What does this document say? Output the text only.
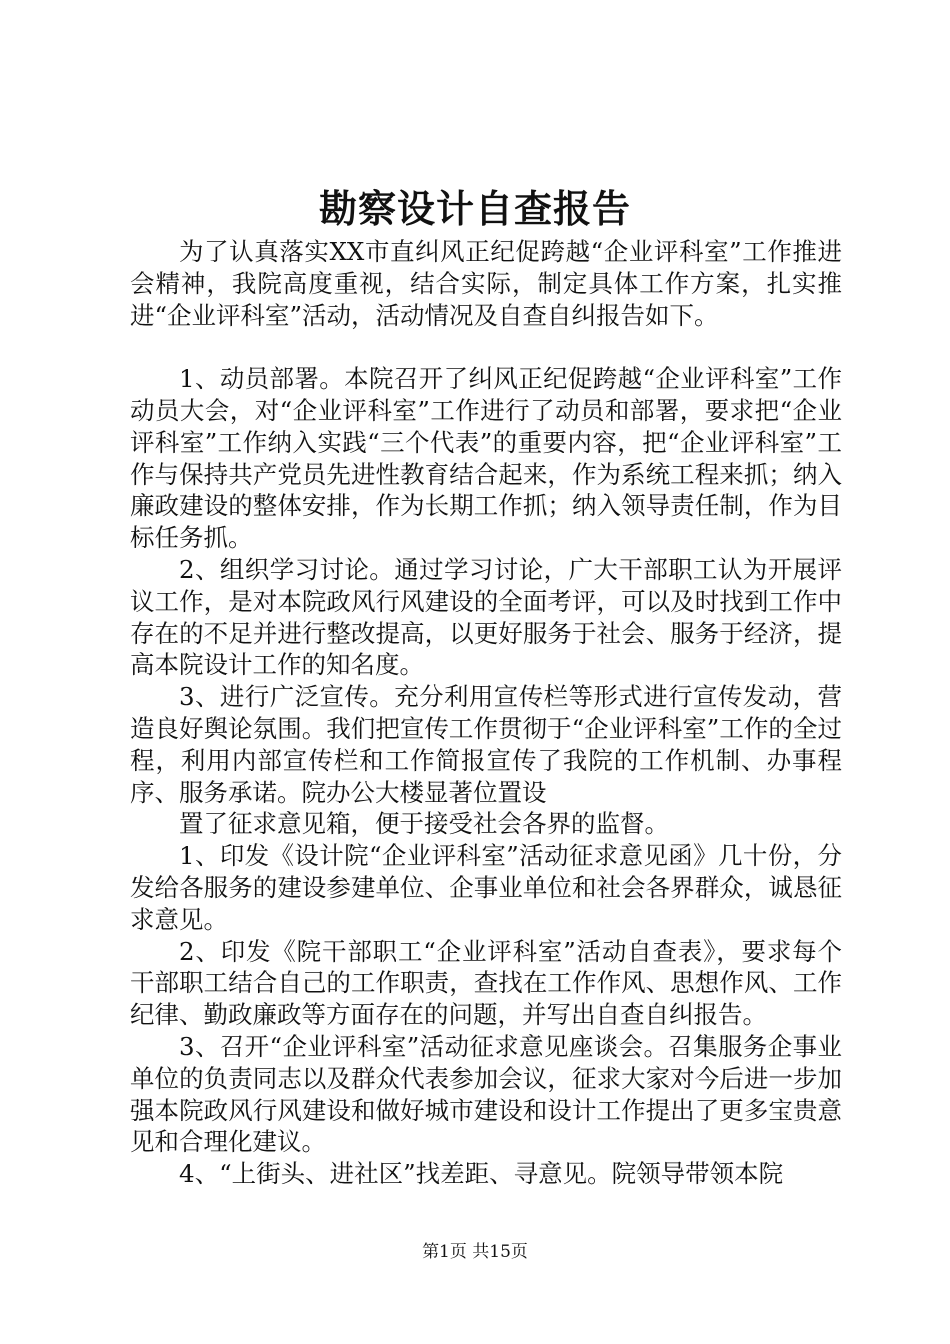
勘察设计自查报告

为了认真落实XX市直纠风正纪促跨越“企业评科室”工作推进会精神，我院高度重视，结合实际，制定具体工作方案，扎实推进“企业评科室”活动，活动情况及自查自纠报告如下。

1、动员部署。本院召开了纠风正纪促跨越“企业评科室”工作动员大会，对“企业评科室”工作进行了动员和部署，要求把“企业评科室”工作纳入实践“三个代表”的重要内容，把“企业评科室”工作与保持共产党员先进性教育结合起来，作为系统工程来抓；纳入廉政建设的整体安排，作为长期工作抓；纳入领导责任制，作为目标任务抓。

2、组织学习讨论。通过学习讨论，广大干部职工认为开展评议工作，是对本院政风行风建设的全面考评，可以及时找到工作中存在的不足并进行整改提高，以更好服务于社会、服务于经济，提高本院设计工作的知名度。

3、进行广泛宣传。充分利用宣传栏等形式进行宣传发动，营造良好舆论氛围。我们把宣传工作贯彻于“企业评科室”工作的全过程，利用内部宣传栏和工作简报宣传了我院的工作机制、办事程序、服务承诺。院办公大楼显著位置设

置了征求意见箱，便于接受社会各界的监督。

1、印发《设计院“企业评科室”活动征求意见函》几十份，分发给各服务的建设参建单位、企事业单位和社会各界群众，诚恳征求意见。

2、印发《院干部职工“企业评科室”活动自查表》，要求每个干部职工结合自己的工作职责，查找在工作作风、思想作风、工作纪律、勤政廉政等方面存在的问题，并写出自查自纠报告。

3、召开“企业评科室”活动征求意见座谈会。召集服务企事业单位的负责同志以及群众代表参加会议，征求大家对今后进一步加强本院政风行风建设和做好城市建设和设计工作提出了更多宝贵意见和合理化建议。

4、“上街头、进社区”找差距、寻意见。院领导带领本院

第1页 共15页
